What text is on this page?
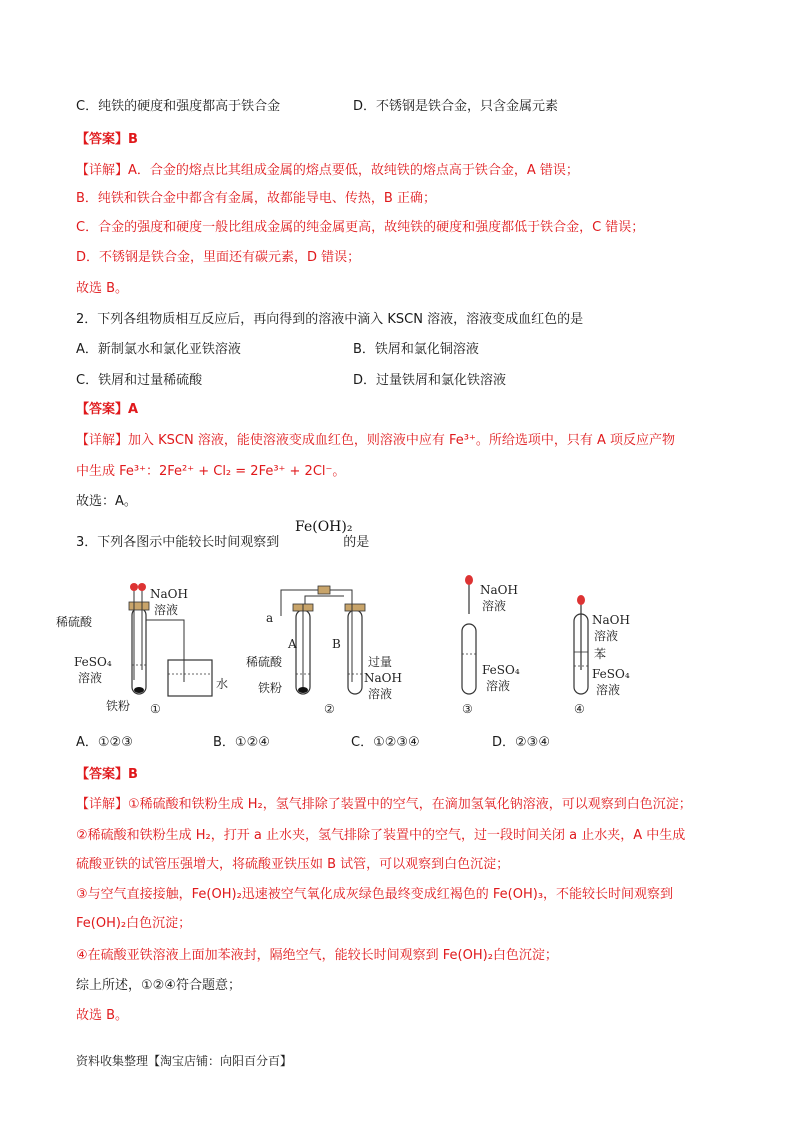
C．纯铁的硬度和强度都高于铁合金	D．不锈钢是铁合金，只含金属元素
【答案】B
【详解】A．合金的熔点比其组成金属的熔点要低，故纯铁的熔点高于铁合金，A 错误；
B．纯铁和铁合金中都含有金属，故都能导电、传热，B 正确；
C．合金的强度和硬度一般比组成金属的纯金属更高，故纯铁的硬度和强度都低于铁合金，C 错误；
D．不锈钢是铁合金，里面还有碳元素，D 错误；
故选 B。
2．下列各组物质相互反应后，再向得到的溶液中滴入 KSCN 溶液，溶液变成血红色的是
A．新制氯水和氯化亚铁溶液	B．铁屑和氯化铜溶液
C．铁屑和过量稀硫酸	D．过量铁屑和氯化铁溶液
【答案】A
【详解】加入 KSCN 溶液，能使溶液变成血红色，则溶液中应有 Fe³⁺。所给选项中，只有 A 项反应产物
中生成 Fe³⁺：2Fe²⁺ + Cl₂ = 2Fe³⁺ + 2Cl⁻。
故选：A。
3．下列各图示中能较长时间观察到	的是
Fe(OH)₂
NaOH
溶液
稀硫酸
FeSO₄
溶液
铁粉
水
①
a
A	B
稀硫酸
铁粉
过量
NaOH
溶液
②
NaOH
溶液
FeSO₄
溶液
③
NaOH
溶液
苯
FeSO₄
溶液
④
A．①②③	B．①②④	C．①②③④	D．②③④
【答案】B
【详解】①稀硫酸和铁粉生成 H₂，氢气排除了装置中的空气，在滴加氢氧化钠溶液，可以观察到白色沉淀；
②稀硫酸和铁粉生成 H₂，打开 a 止水夹，氢气排除了装置中的空气，过一段时间关闭 a 止水夹，A 中生成
硫酸亚铁的试管压强增大，将硫酸亚铁压如 B 试管，可以观察到白色沉淀；
③与空气直接接触，Fe(OH)₂迅速被空气氧化成灰绿色最终变成红褐色的 Fe(OH)₃，不能较长时间观察到
Fe(OH)₂白色沉淀；
④在硫酸亚铁溶液上面加苯液封，隔绝空气，能较长时间观察到 Fe(OH)₂白色沉淀；
综上所述，①②④符合题意；
故选 B。
资料收集整理【淘宝店铺：向阳百分百】
